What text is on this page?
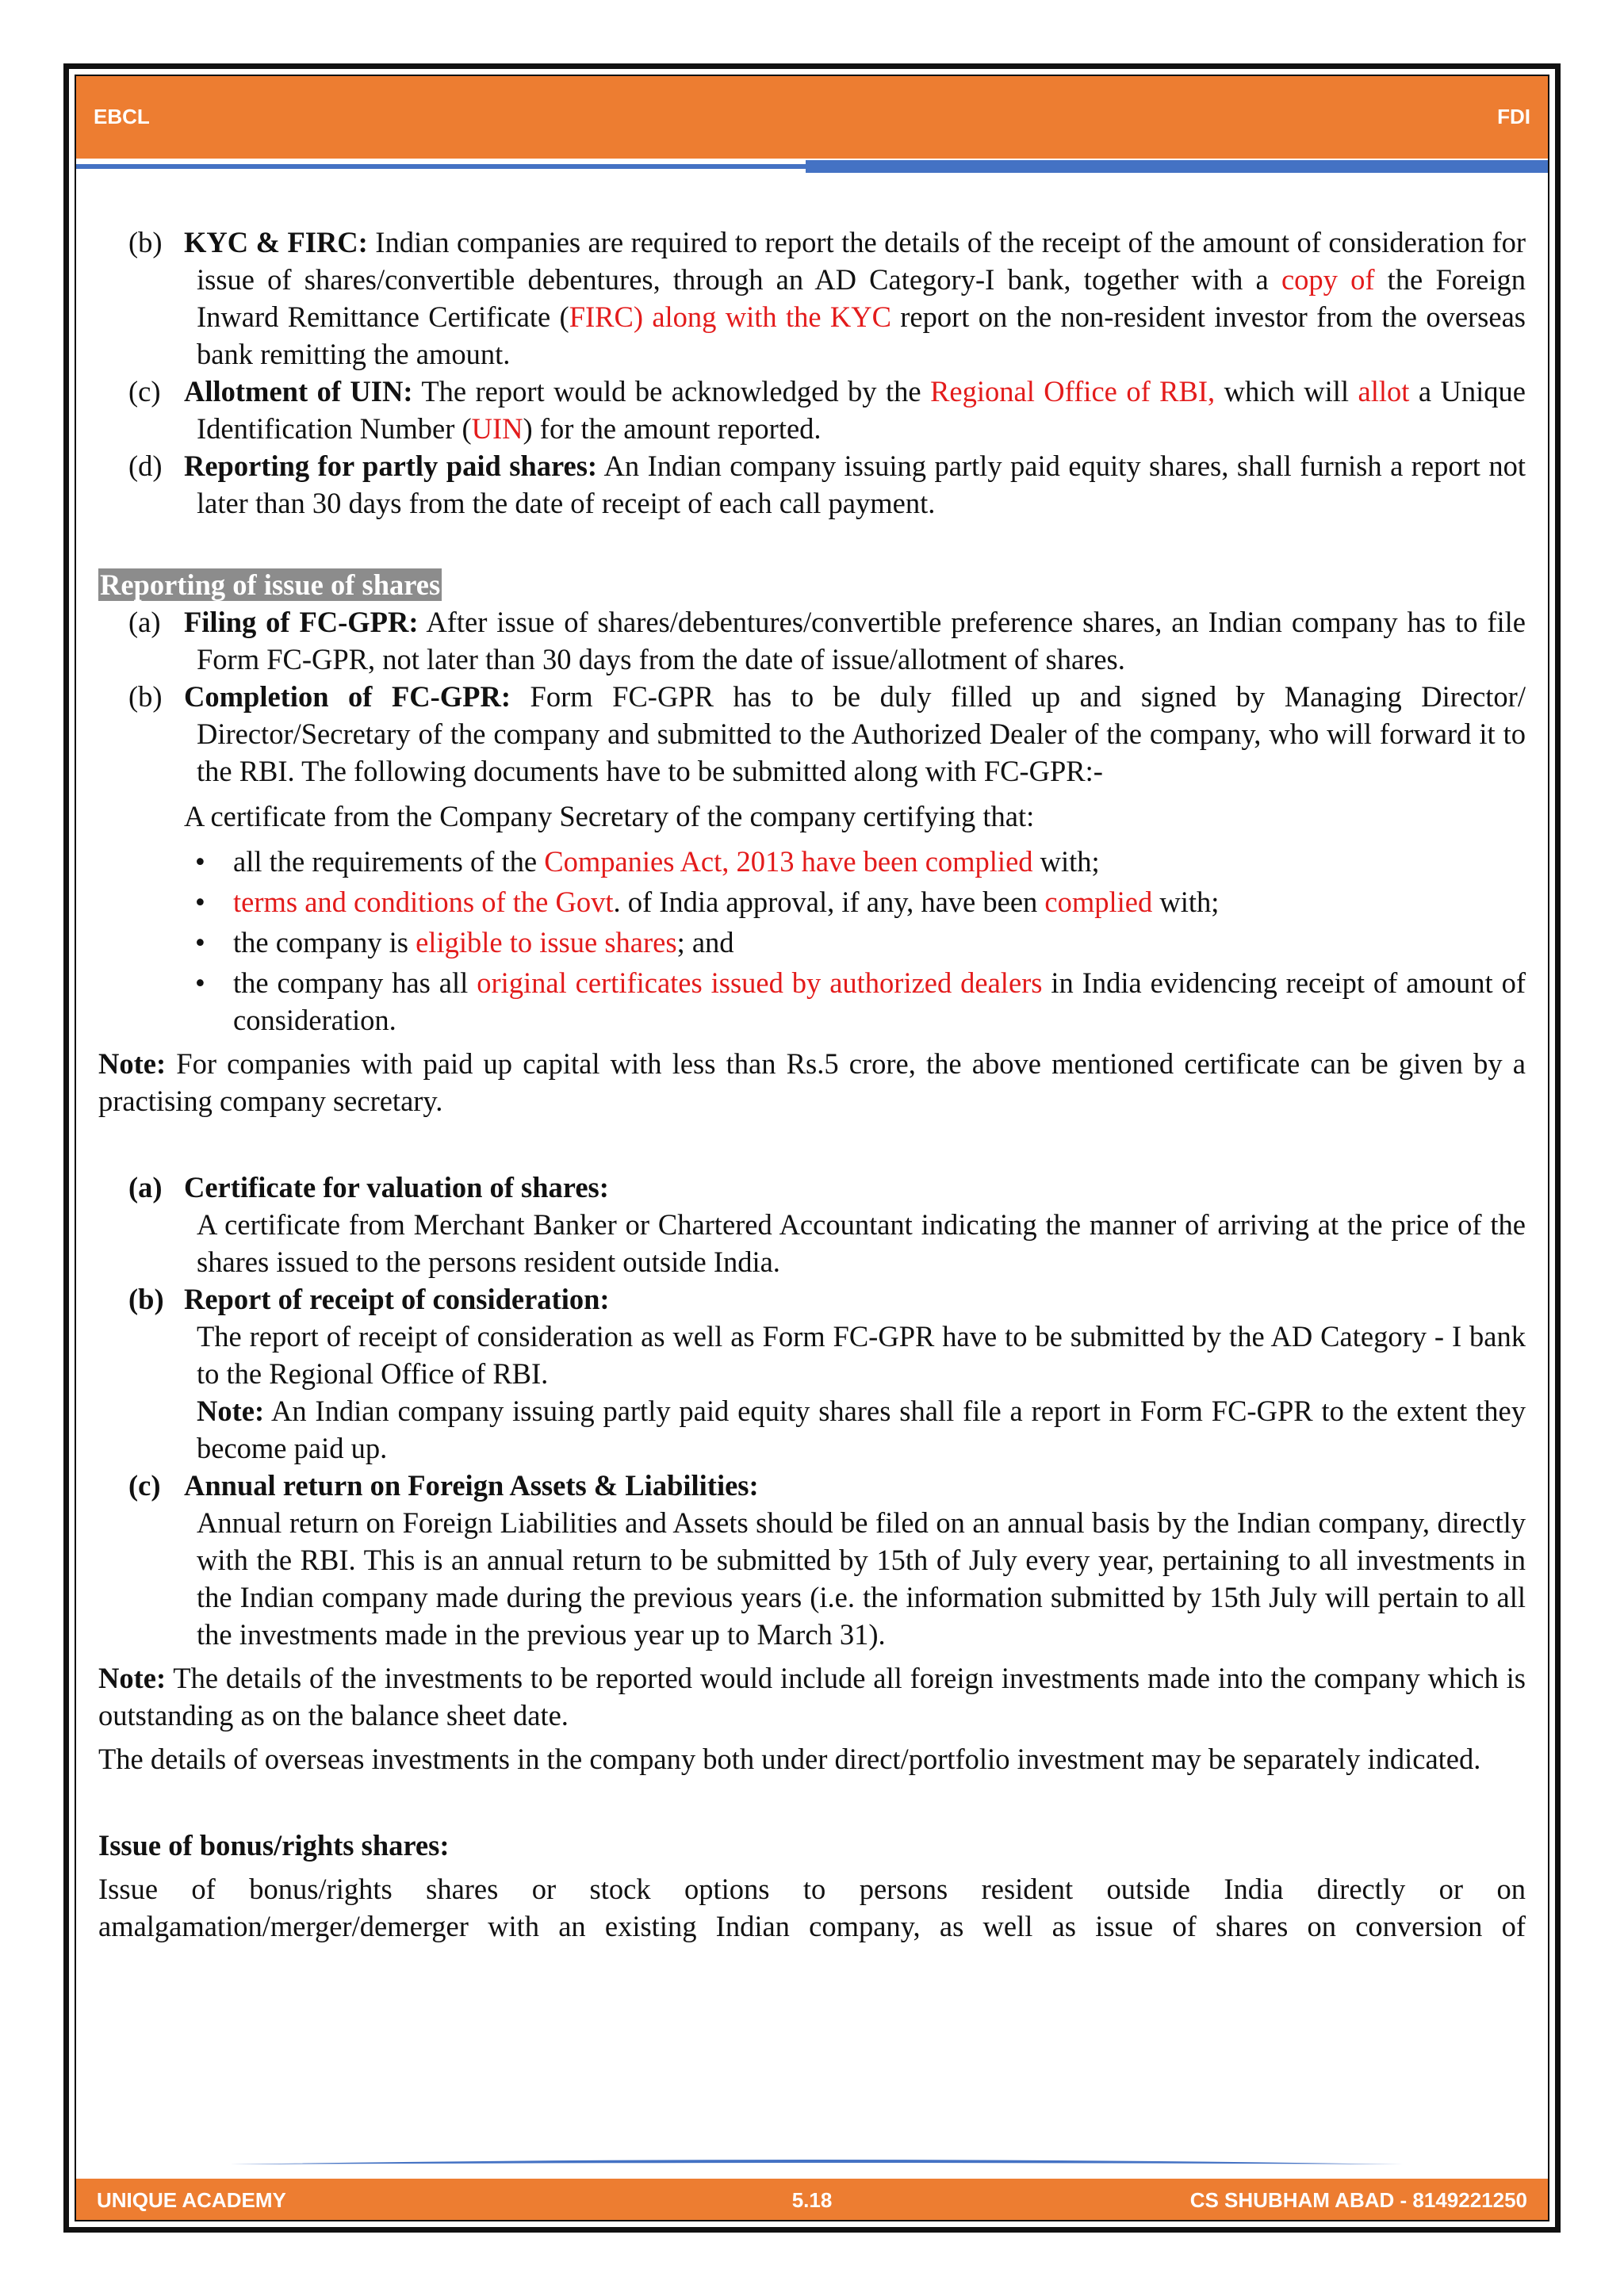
EBCL	FDI
(b) KYC & FIRC: Indian companies are required to report the details of the receipt of the amount of consideration for issue of shares/convertible debentures, through an AD Category-I bank, together with a copy of the Foreign Inward Remittance Certificate (FIRC) along with the KYC report on the non-resident investor from the overseas bank remitting the amount.
(c) Allotment of UIN: The report would be acknowledged by the Regional Office of RBI, which will allot a Unique Identification Number (UIN) for the amount reported.
(d) Reporting for partly paid shares: An Indian company issuing partly paid equity shares, shall furnish a report not later than 30 days from the date of receipt of each call payment.
Reporting of issue of shares
(a) Filing of FC-GPR: After issue of shares/debentures/convertible preference shares, an Indian company has to file Form FC-GPR, not later than 30 days from the date of issue/allotment of shares.
(b) Completion of FC-GPR: Form FC-GPR has to be duly filled up and signed by Managing Director/ Director/Secretary of the company and submitted to the Authorized Dealer of the company, who will forward it to the RBI. The following documents have to be submitted along with FC-GPR:-
A certificate from the Company Secretary of the company certifying that:
• all the requirements of the Companies Act, 2013 have been complied with;
• terms and conditions of the Govt. of India approval, if any, have been complied with;
• the company is eligible to issue shares; and
• the company has all original certificates issued by authorized dealers in India evidencing receipt of amount of consideration.
Note: For companies with paid up capital with less than Rs.5 crore, the above mentioned certificate can be given by a practising company secretary.
(a) Certificate for valuation of shares:
A certificate from Merchant Banker or Chartered Accountant indicating the manner of arriving at the price of the shares issued to the persons resident outside India.
(b) Report of receipt of consideration:
The report of receipt of consideration as well as Form FC-GPR have to be submitted by the AD Category - I bank to the Regional Office of RBI.
Note: An Indian company issuing partly paid equity shares shall file a report in Form FC-GPR to the extent they become paid up.
(c) Annual return on Foreign Assets & Liabilities:
Annual return on Foreign Liabilities and Assets should be filed on an annual basis by the Indian company, directly with the RBI. This is an annual return to be submitted by 15th of July every year, pertaining to all investments in the Indian company made during the previous years (i.e. the information submitted by 15th July will pertain to all the investments made in the previous year up to March 31).
Note: The details of the investments to be reported would include all foreign investments made into the company which is outstanding as on the balance sheet date.
The details of overseas investments in the company both under direct/portfolio investment may be separately indicated.
Issue of bonus/rights shares:
Issue of bonus/rights shares or stock options to persons resident outside India directly or on amalgamation/merger/demerger with an existing Indian company, as well as issue of shares on conversion of
UNIQUE ACADEMY	5.18	CS SHUBHAM ABAD - 8149221250
